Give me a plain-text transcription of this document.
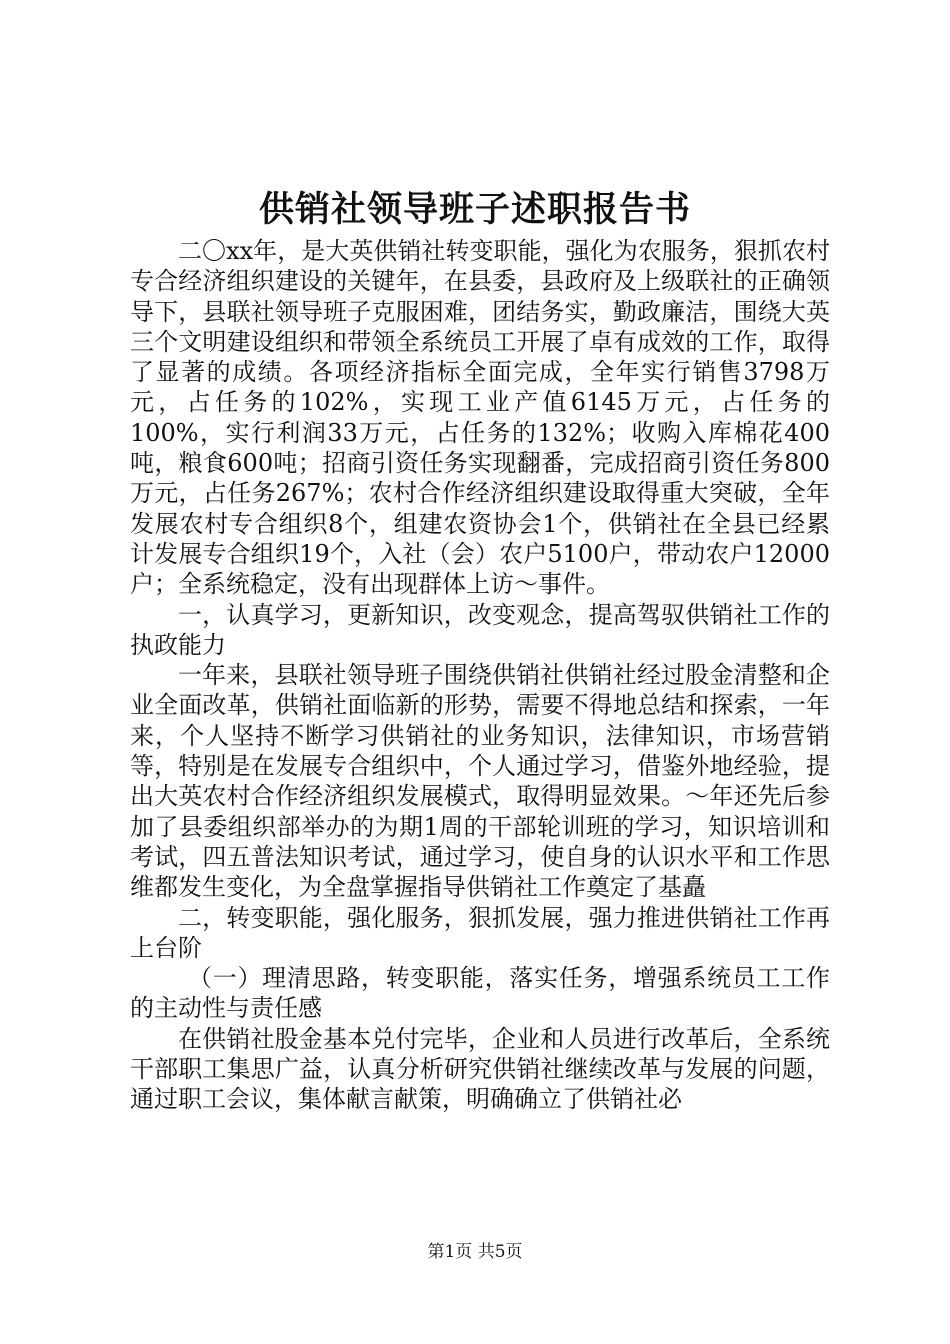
供销社领导班子述职报告书

二〇xx年，是大英供销社转变职能，强化为农服务，狠抓农村专合经济组织建设的关键年，在县委，县政府及上级联社的正确领导下，县联社领导班子克服困难，团结务实，勤政廉洁，围绕大英三个文明建设组织和带领全系统员工开展了卓有成效的工作，取得了显著的成绩。各项经济指标全面完成，全年实行销售3798万元，占任务的102%，实现工业产值6145万元，占任务的100%，实行利润33万元，占任务的132%；收购入库棉花400吨，粮食600吨；招商引资任务实现翻番，完成招商引资任务800万元，占任务267%；农村合作经济组织建设取得重大突破，全年发展农村专合组织8个，组建农资协会1个，供销社在全县已经累计发展专合组织19个，入社（会）农户5100户，带动农户12000户；全系统稳定，没有出现群体上访～事件。

一，认真学习，更新知识，改变观念，提高驾驭供销社工作的执政能力

一年来，县联社领导班子围绕供销社供销社经过股金清整和企业全面改革，供销社面临新的形势，需要不得地总结和探索，一年来，个人坚持不断学习供销社的业务知识，法律知识，市场营销等，特别是在发展专合组织中，个人通过学习，借鉴外地经验，提出大英农村合作经济组织发展模式，取得明显效果。～年还先后参加了县委组织部举办的为期1周的干部轮训班的学习，知识培训和考试，四五普法知识考试，通过学习，使自身的认识水平和工作思维都发生变化，为全盘掌握指导供销社工作奠定了基矗

二，转变职能，强化服务，狠抓发展，强力推进供销社工作再上台阶

（一）理清思路，转变职能，落实任务，增强系统员工工作的主动性与责任感

在供销社股金基本兑付完毕，企业和人员进行改革后，全系统干部职工集思广益，认真分析研究供销社继续改革与发展的问题，通过职工会议，集体献言献策，明确确立了供销社必

第1页 共5页
